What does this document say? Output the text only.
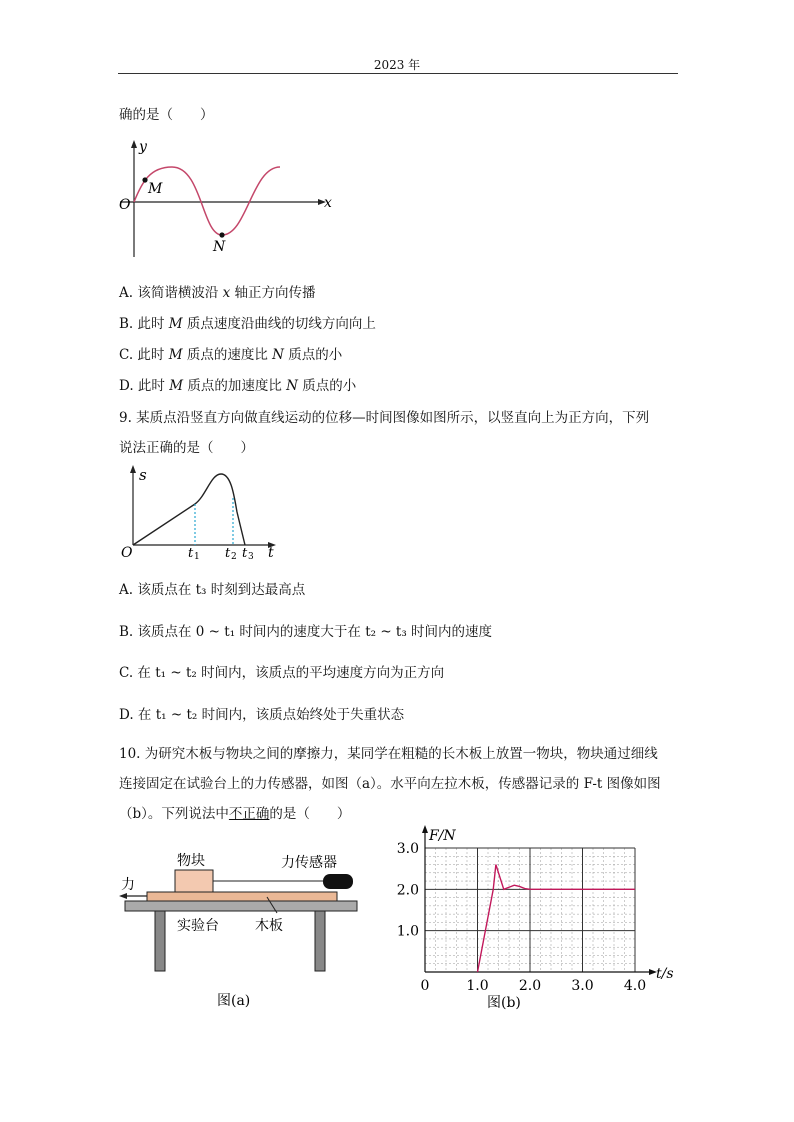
2023 年
确的是（　　）
y
x
O
M
N
A. 该简谐横波沿 x 轴正方向传播
B. 此时 M 质点速度沿曲线的切线方向向上
C. 此时 M 质点的速度比 N 质点的小
D. 此时 M 质点的加速度比 N 质点的小
9. 某质点沿竖直方向做直线运动的位移—时间图像如图所示，以竖直向上为正方向，下列
说法正确的是（　　）
s
O	t 1 t 2 t 3 t
A. 该质点在 t₃ 时刻到达最高点
B. 该质点在 0 ~ t₁ 时间内的速度大于在 t₂ ~ t₃ 时间内的速度
C. 在 t₁ ~ t₂ 时间内，该质点的平均速度方向为正方向
D. 在 t₁ ~ t₂ 时间内，该质点始终处于失重状态
10. 为研究木板与物块之间的摩擦力，某同学在粗糙的长木板上放置一物块，物块通过细线
连接固定在试验台上的力传感器，如图（a）。水平向左拉木板，传感器记录的 F-t 图像如图
（b）。下列说法中不正确的是（　　）
物块	力传感器
力
实验台	木板
图(a)
3.0
2.0
1.0
0	1.0 2.0 3.0 4.0
F/N
t/s
图(b)
